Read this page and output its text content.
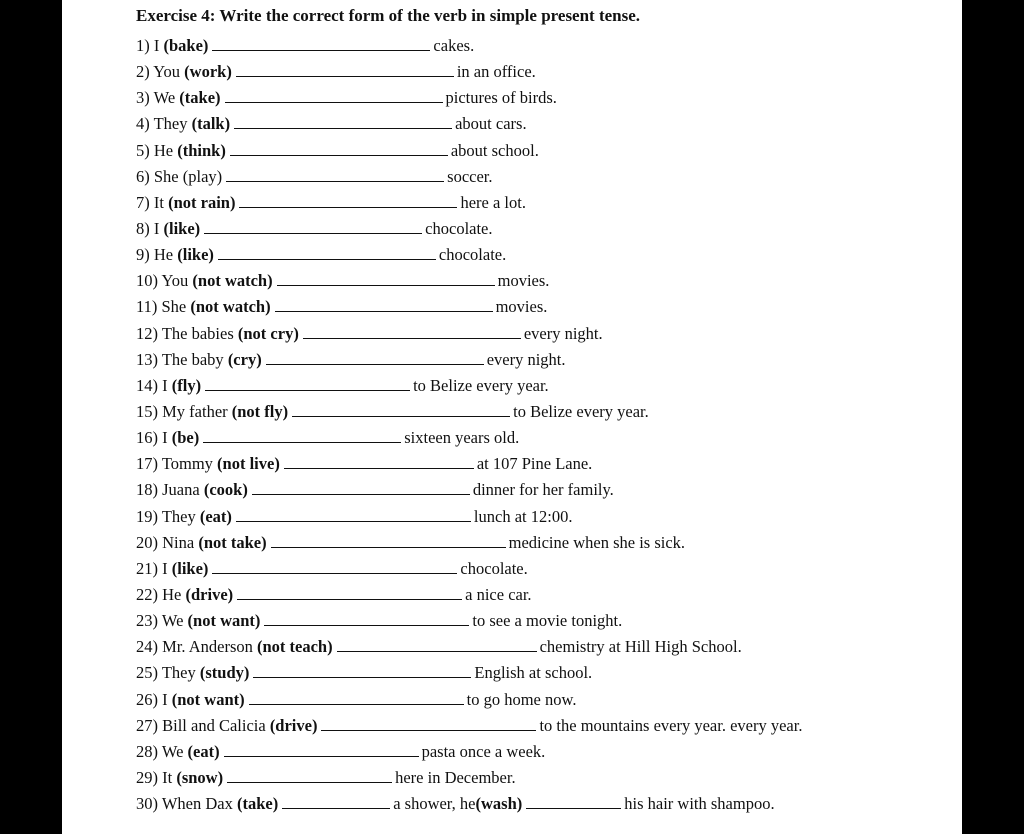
Exercise 4: Write the correct form of the verb in simple present tense.
1) I (bake)	cakes.
2) You (work)	in an office.
3) We (take)	pictures of birds.
4) They (talk)	about cars.
5) He (think)	about school.
6) She (play)	soccer.
7) It (not rain)	here a lot.
8) I (like)	chocolate.
9) He (like)	chocolate.
10) You (not watch)	movies.
11) She (not watch)	movies.
12) The babies (not cry)	every night.
13) The baby (cry)	every night.
14) I (fly)	to Belize every year.
15) My father (not fly)	to Belize every year.
16) I (be)	sixteen years old.
17) Tommy (not live)	at 107 Pine Lane.
18) Juana (cook)	dinner for her family.
19) They (eat)	lunch at 12:00.
20) Nina (not take)	medicine when she is sick.
21) I (like)	chocolate.
22) He (drive)	a nice car.
23) We (not want)	to see a movie tonight.
24) Mr. Anderson (not teach)	chemistry at Hill High School.
25) They (study)	English at school.
26) I (not want)	to go home now.
27) Bill and Calicia (drive)	to the mountains every year. every year.
28) We (eat)	pasta once a week.
29) It (snow)	here in December.
30) When Dax (take)	a shower, he (wash)	his hair with shampoo.
